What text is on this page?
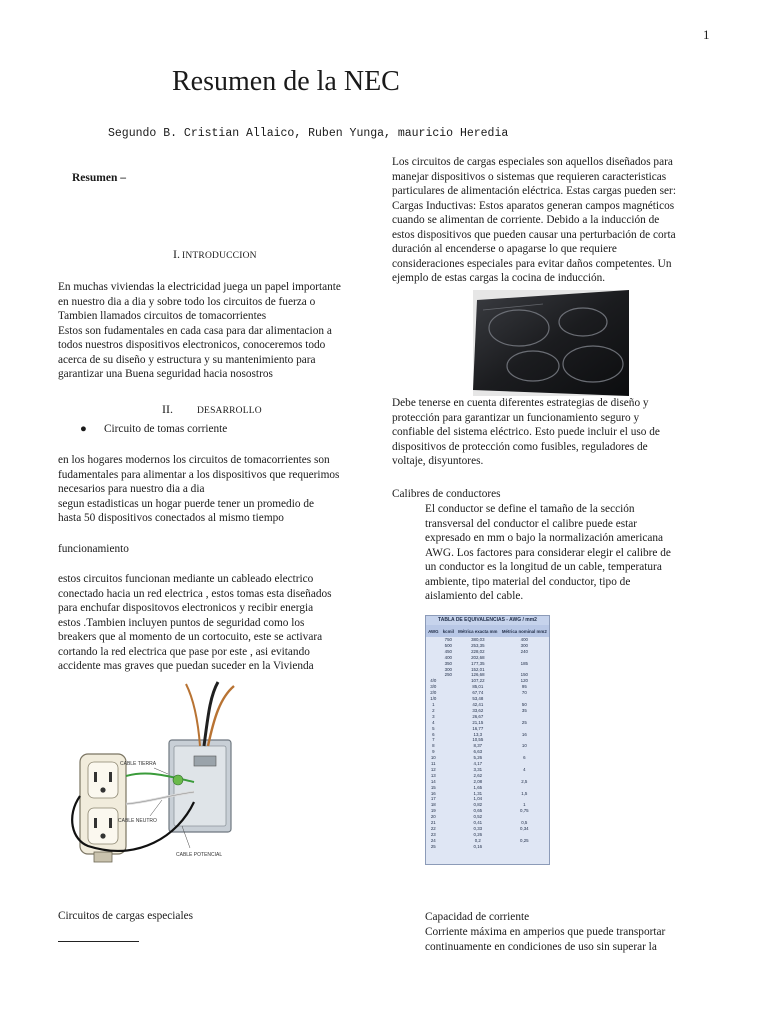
1
Resumen de la NEC
Segundo B. Cristian Allaico, Ruben Yunga, mauricio Heredia
Resumen –
I. INTRODUCCION
En muchas viviendas la electricidad juega un papel importante
en nuestro dia a dia y sobre todo los circuitos de fuerza o
Tambien llamados circuitos de tomacorrientes
Estos son fudamentales en cada casa para dar alimentacion a
todos nuestros dispositivos electronicos, conoceremos todo
acerca de su diseño y estructura y su mantenimiento para
garantizar una Buena seguridad hacia nosostros
II.	DESARROLLO
● Circuito de tomas corriente
en los hogares modernos los circuitos de tomacorrientes son
fudamentales para alimentar a los dispositivos que requerimos
necesarios para nuestro dia a dia
segun estadisticas un hogar puerde tener un promedio de
hasta 50 dispositivos conectados al mismo tiempo
funcionamiento
estos circuitos funcionan mediante un cableado electrico
conectado hacia un red electrica , estos tomas esta diseñados
para enchufar dispositovos electronicos y recibir energia
estos .Tambien incluyen puntos de seguridad como los
breakers que al momento de un cortocuito, este se activara
cortando la red electrica que pase por este , asi evitando
accidente mas graves que puedan suceder en la Vivienda
CABLE TIERRA
CABLE NEUTRO
CABLE POTENCIAL
Circuitos de cargas especiales
Los circuitos de cargas especiales son aquellos diseñados para
manejar dispositivos o sistemas que requieren caracteristicas
particulares de alimentación eléctrica. Estas cargas pueden ser:
Cargas Inductivas: Estos aparatos generan campos magnéticos
cuando se alimentan de corriente. Debido a la inducción de
estos dispositivos que pueden causar una perturbación de corta
duración al encenderse o apagarse lo que requiere
consideraciones especiales para evitar daños competentes. Un
ejemplo de estas cargas la cocina de inducción.
Debe tenerse en cuenta diferentes estrategias de diseño y
protección para garantizar un funcionamiento seguro y
confiable del sistema eléctrico. Esto puede incluir el uso de
dispositivos de protección como fusibles, reguladores de
voltaje, disyuntores.
Calibres de conductores
El conductor se define el tamaño de la sección
transversal del conductor el calibre puede estar
expresado en mm o bajo la normalización americana
AWG. Los factores para considerar elegir el calibre de
un conductor es la longitud de un cable, temperatura
ambiente, tipo material del conductor, tipo de
aislamiento del cable.
TABLA DE EQUIVALENCIAS - AWG / mm2
AWG	kcmil	Métrica exacta mm	Métrica nominal mm2
	750	380,03	400
	500	253,35	300
	450	228,02	240
	400	202,68	
	350	177,35	185
	300	152,01	
	250	126,68	150
4/0		107,22	120
3/0		85,01	95
2/0		67,74	70
1/0		53,48	
1		42,41	50
2		33,62	35
3		26,67	
4		21,15	25
5		16,77	
6		13,3	16
7		10,55	
8		8,37	10
9		6,63	
10		5,26	6
11		4,17	
12		3,31	4
13		2,62	
14		2,08	2,5
15		1,65	
16		1,31	1,5
17		1,04	
18		0,82	1
19		0,65	0,75
20		0,52	
21		0,41	0,5
22		0,33	0,34
23		0,26	
24		0,2	0,25
25		0,16	
Capacidad de corriente
Corriente máxima en amperios que puede transportar
continuamente en condiciones de uso sin superar la
